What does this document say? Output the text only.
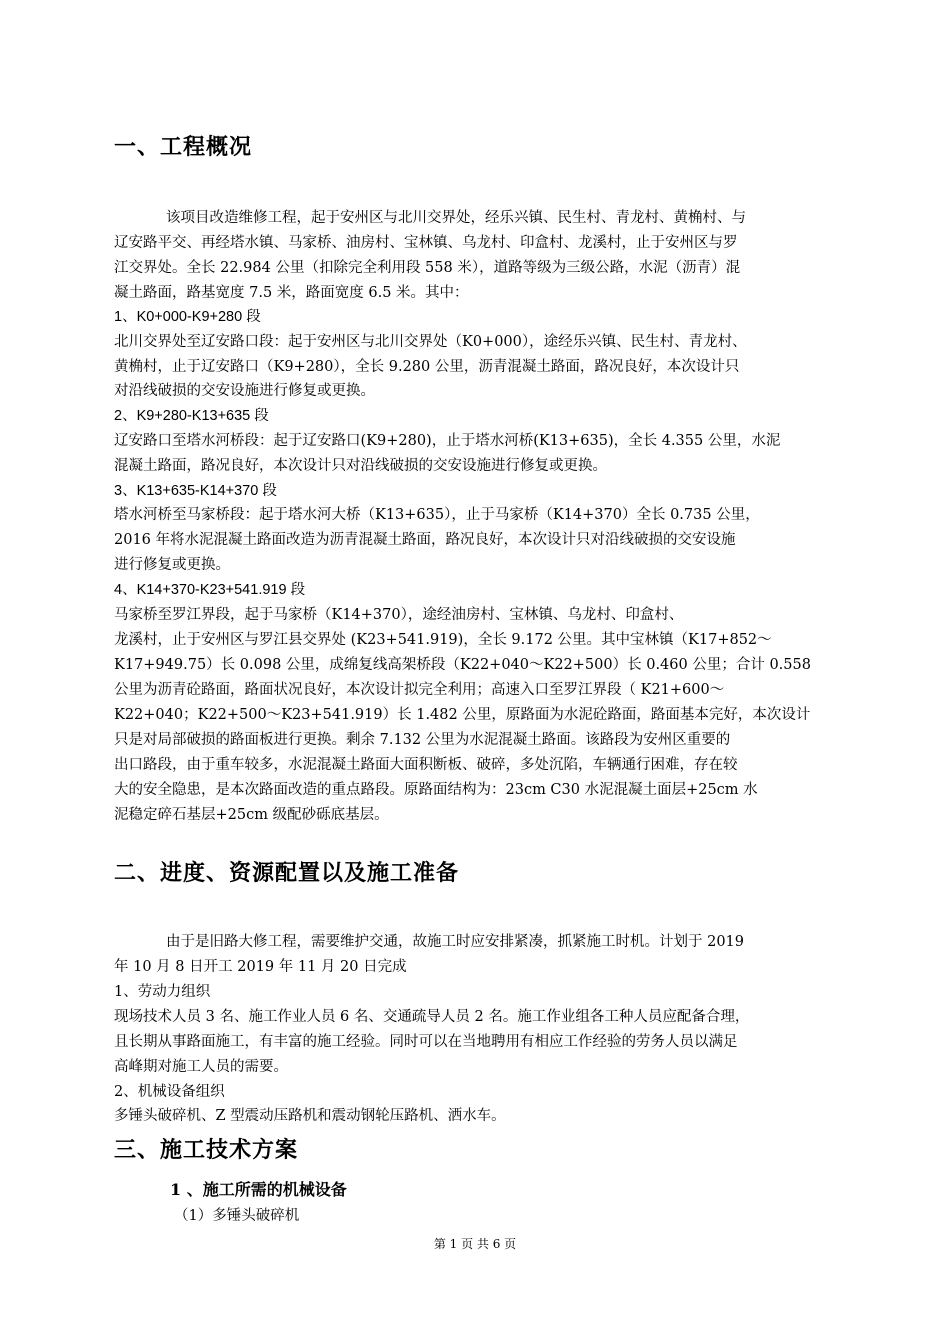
一、工程概况
该项目改造维修工程，起于安州区与北川交界处，经乐兴镇、民生村、青龙村、黄桷村、与
辽安路平交、再经塔水镇、马家桥、油房村、宝林镇、乌龙村、印盒村、龙溪村，止于安州区与罗
江交界处。全长 22.984 公里（扣除完全利用段 558 米），道路等级为三级公路，水泥（沥青）混
凝土路面，路基宽度 7.5 米，路面宽度 6.5 米。其中：
1、K0+000-K9+280 段
北川交界处至辽安路口段：起于安州区与北川交界处（K0+000），途经乐兴镇、民生村、青龙村、
黄桷村，止于辽安路口（K9+280），全长 9.280 公里，沥青混凝土路面，路况良好，本次设计只
对沿线破损的交安设施进行修复或更换。
2、K9+280-K13+635 段
辽安路口至塔水河桥段：起于辽安路口(K9+280)，止于塔水河桥(K13+635)，全长 4.355 公里，水泥
混凝土路面，路况良好，本次设计只对沿线破损的交安设施进行修复或更换。
3、K13+635-K14+370 段
塔水河桥至马家桥段：起于塔水河大桥（K13+635），止于马家桥（K14+370）全长 0.735 公里，
2016 年将水泥混凝土路面改造为沥青混凝土路面，路况良好，本次设计只对沿线破损的交安设施
进行修复或更换。
4、K14+370-K23+541.919 段
马家桥至罗江界段，起于马家桥（K14+370），途经油房村、宝林镇、乌龙村、印盒村、
龙溪村，止于安州区与罗江县交界处 (K23+541.919)，全长 9.172 公里。其中宝林镇（K17+852～
K17+949.75）长 0.098 公里，成绵复线高架桥段（K22+040～K22+500）长 0.460 公里；合计 0.558
公里为沥青砼路面，路面状况良好，本次设计拟完全利用；高速入口至罗江界段（ K21+600～
K22+040；K22+500～K23+541.919）长 1.482 公里，原路面为水泥砼路面，路面基本完好，本次设计
只是对局部破损的路面板进行更换。剩余 7.132 公里为水泥混凝土路面。该路段为安州区重要的
出口路段，由于重车较多，水泥混凝土路面大面积断板、破碎，多处沉陷，车辆通行困难，存在较
大的安全隐患，是本次路面改造的重点路段。原路面结构为：23cm C30 水泥混凝土面层+25cm 水
泥稳定碎石基层+25cm 级配砂砾底基层。
二、进度、资源配置以及施工准备
由于是旧路大修工程，需要维护交通，故施工时应安排紧凑，抓紧施工时机。计划于 2019
年 10 月 8 日开工 2019 年 11 月 20 日完成
1、劳动力组织
现场技术人员 3 名、施工作业人员 6 名、交通疏导人员 2 名。施工作业组各工种人员应配备合理，
且长期从事路面施工，有丰富的施工经验。同时可以在当地聘用有相应工作经验的劳务人员以满足
高峰期对施工人员的需要。
2、机械设备组织
多锤头破碎机、Z 型震动压路机和震动钢轮压路机、洒水车。
三、施工技术方案
1 、施工所需的机械设备
（1）多锤头破碎机
第 1 页 共 6 页
